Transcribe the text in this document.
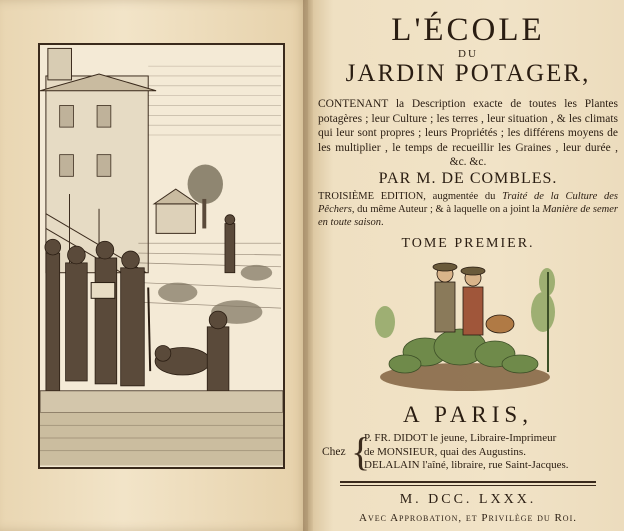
L'ÉCOLE
DU
JARDIN POTAGER,
CONTENANT la Description exacte de toutes les Plantes potagères ; leur Culture ; les terres , leur situation , & les climats qui leur sont propres ; leurs Propriétés ; les différens moyens de les multiplier , le temps de recueillir les Graines , leur durée , &c. &c.
PAR M. DE COMBLES.
TROISIÈME EDITION, augmentée du Traité de la Culture des Pêchers, du même Auteur ; & à laquelle on a joint la Manière de semer en toute saison.
TOME PREMIER.
A PARIS,
Chez {
P. FR. DIDOT le jeune, Libraire-Imprimeur
de MONSIEUR, quai des Augustins.
DELALAIN l'aîné, libraire, rue Saint-Jacques.
M. DCC. LXXX.
Avec Approbation, et Privilège du Roi.
